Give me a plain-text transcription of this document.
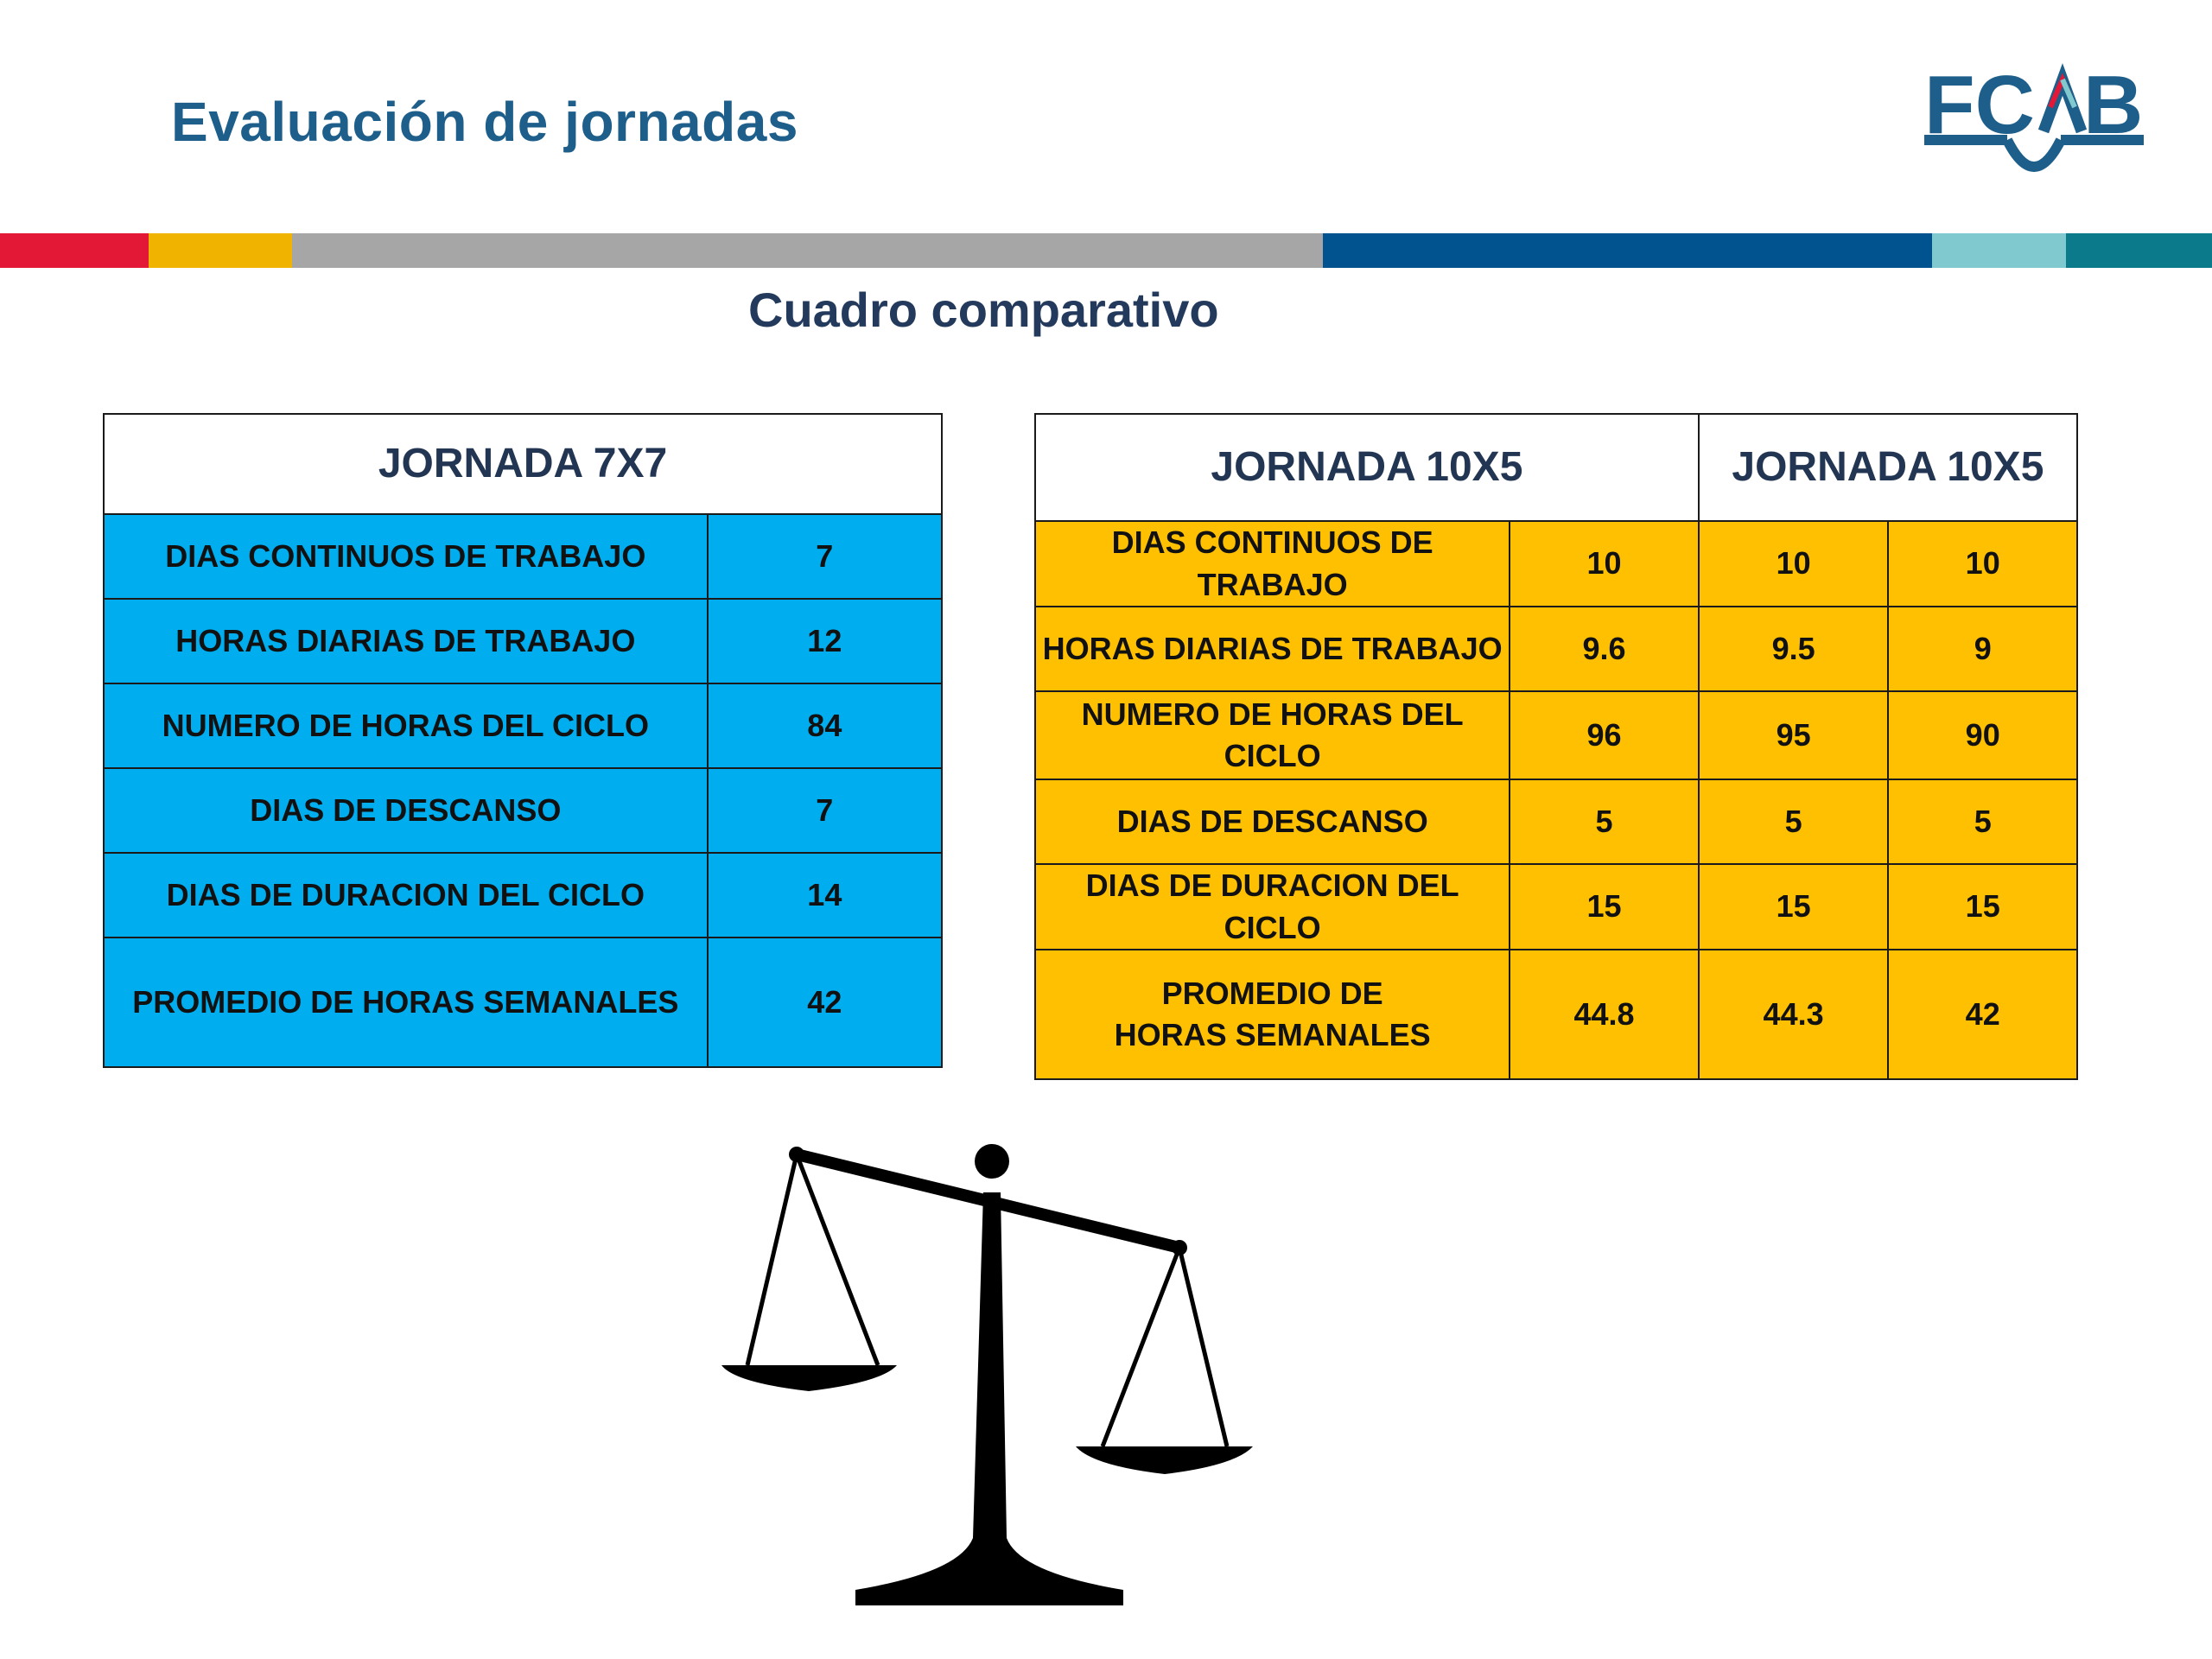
Evaluación de jornadas	FC B
Cuadro comparativo
JORNADA 7X7	
DIAS CONTINUOS DE TRABAJO	7
HORAS DIARIAS DE TRABAJO	12
NUMERO DE HORAS DEL CICLO	84
DIAS DE DESCANSO	7
DIAS DE DURACION DEL CICLO	14
PROMEDIO DE HORAS SEMANALES	42
JORNADA 10X5		JORNADA 10X5	
DIAS CONTINUOS DE TRABAJO	10	10	10
HORAS DIARIAS DE TRABAJO	9.6	9.5	9
NUMERO DE HORAS DEL CICLO	96	95	90
DIAS DE DESCANSO	5	5	5
DIAS DE DURACION DEL CICLO	15	15	15
PROMEDIO DE HORAS SEMANALES	44.8	44.3	42
